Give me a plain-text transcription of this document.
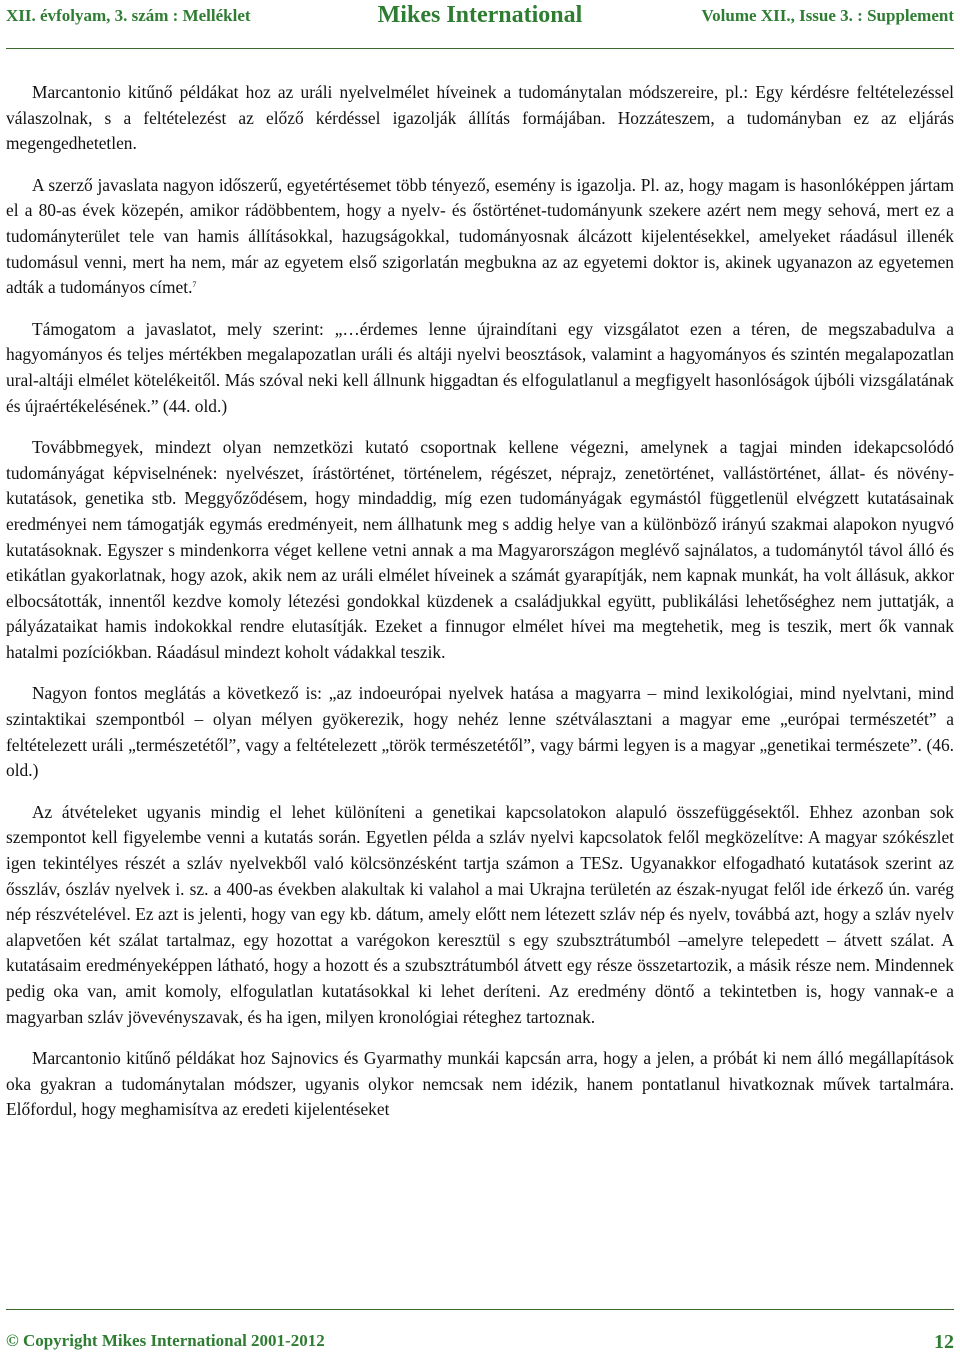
XII. évfolyam, 3. szám : Melléklet	Mikes International	Volume XII., Issue 3. : Supplement

Marcantonio kitűnő példákat hoz az uráli nyelvelmélet híveinek a tudománytalan módszereire, pl.: Egy kérdésre feltételezéssel válaszolnak, s a feltételezést az előző kérdéssel igazolják állítás formájában. Hozzáteszem, a tudományban ez az eljárás megengedhetetlen.

A szerző javaslata nagyon időszerű, egyetértésemet több tényező, esemény is igazolja. Pl. az, hogy magam is hasonlóképpen jártam el a 80-as évek közepén, amikor rádöbbentem, hogy a nyelv- és őstörténet-tudományunk szekere azért nem megy sehová, mert ez a tudományterület tele van hamis állításokkal, hazugságokkal, tudományosnak álcázott kijelentésekkel, amelyeket ráadásul illenék tudomásul venni, mert ha nem, már az egyetem első szigorlatán megbukna az az egyetemi doktor is, akinek ugyanazon az egyetemen adták a tudományos címet.$^7$

Támogatom a javaslatot, mely szerint: „…érdemes lenne újraindítani egy vizsgálatot ezen a téren, de megszabadulva a hagyományos és teljes mértékben megalapozatlan uráli és altáji nyelvi beosztások, valamint a hagyományos és szintén megalapozatlan ural-altáji elmélet kötelékeitől. Más szóval neki kell állnunk higgadtan és elfogulatlanul a megfigyelt hasonlóságok újbóli vizsgálatának és újraértékelésének.” (44. old.)

Továbbmegyek, mindezt olyan nemzetközi kutató csoportnak kellene végezni, amelynek a tagjai minden idekapcsolódó tudományágat képviselnének: nyelvészet, írástörténet, történelem, régészet, néprajz, zenetörténet, vallástörténet, állat- és növény-kutatások, genetika stb. Meggyőződésem, hogy mindaddig, míg ezen tudományágak egymástól függetlenül elvégzett kutatásainak eredményei nem támogatják egymás eredményeit, nem állhatunk meg s addig helye van a különböző irányú szakmai alapokon nyugvó kutatásoknak. Egyszer s mindenkorra véget kellene vetni annak a ma Magyarországon meglévő sajnálatos, a tudománytól távol álló és etikátlan gyakorlatnak, hogy azok, akik nem az uráli elmélet híveinek a számát gyarapítják, nem kapnak munkát, ha volt állásuk, akkor elbocsátották, innentől kezdve komoly létezési gondokkal küzdenek a családjukkal együtt, publikálási lehetőséghez nem juttatják, a pályázataikat hamis indokokkal rendre elutasítják. Ezeket a finnugor elmélet hívei ma megtehetik, meg is teszik, mert ők vannak hatalmi pozíciókban. Ráadásul mindezt koholt vádakkal teszik.

Nagyon fontos meglátás a következő is: „az indoeurópai nyelvek hatása a magyarra – mind lexikológiai, mind nyelvtani, mind szintaktikai szempontból – olyan mélyen gyökerezik, hogy nehéz lenne szétválasztani a magyar eme „európai természetét” a feltételezett uráli „természetétől”, vagy a feltételezett „török természetétől”, vagy bármi legyen is a magyar „genetikai természete”. (46. old.)

Az átvételeket ugyanis mindig el lehet különíteni a genetikai kapcsolatokon alapuló összefüggésektől. Ehhez azonban sok szempontot kell figyelembe venni a kutatás során. Egyetlen példa a szláv nyelvi kapcsolatok felől megközelítve: A magyar szókészlet igen tekintélyes részét a szláv nyelvekből való kölcsönzésként tartja számon a TESz. Ugyanakkor elfogadható kutatások szerint az ősszláv, ószláv nyelvek i. sz. a 400-as években alakultak ki valahol a mai Ukrajna területén az észak-nyugat felől ide érkező ún. varég nép részvételével. Ez azt is jelenti, hogy van egy kb. dátum, amely előtt nem létezett szláv nép és nyelv, továbbá azt, hogy a szláv nyelv alapvetően két szálat tartalmaz, egy hozottat a varégokon keresztül s egy szubsztrátumból –amelyre telepedett – átvett szálat. A kutatásaim eredményeképpen látható, hogy a hozott és a szubsztrátumból átvett egy része összetartozik, a másik része nem. Mindennek pedig oka van, amit komoly, elfogulatlan kutatásokkal ki lehet deríteni. Az eredmény döntő a tekintetben is, hogy vannak-e a magyarban szláv jövevényszavak, és ha igen, milyen kronológiai réteghez tartoznak.

Marcantonio kitűnő példákat hoz Sajnovics és Gyarmathy munkái kapcsán arra, hogy a jelen, a próbát ki nem álló megállapítások oka gyakran a tudománytalan módszer, ugyanis olykor nemcsak nem idézik, hanem pontatlanul hivatkoznak művek tartalmára. Előfordul, hogy meghamisítva az eredeti kijelentéseket

© Copyright Mikes International 2001-2012	12
